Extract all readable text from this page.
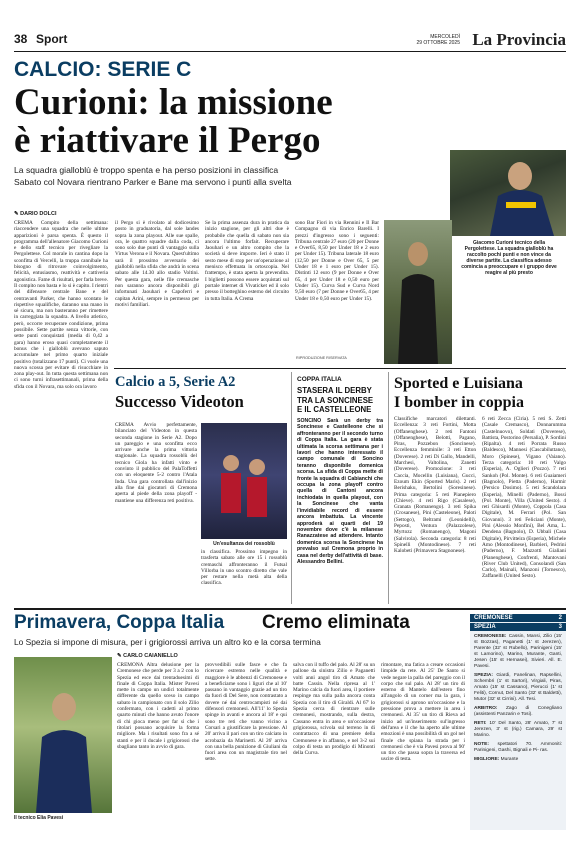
38 Sport	MERCOLEDÌ
29 OTTOBRE 2025 La Provincia
CALCIO: SERIE C
Curioni: la missione
è riattivare il Pergo
La squadra gialloblù è troppo spenta e ha perso posizioni in classifica
Sabato col Novara rientrano Parker e Bane ma servono i punti alla svelta
Giacomo Curioni tecnico della Pergolettese. La squadra gialloblù ha raccolto pochi punti e non vince da diverse partite. La classifica adesso comincia a preoccupare e i gruppo deve reagire al più presto
✎ DARIO DOLCI
CREMA Compito della settimana: riaccendere una squadra che nelle ultime apparizioni è parsa spenta. È questo il programma dell'allenatore Giacomo Curioni e dello staff tecnico per rivegliare la Pergolettese. Col morale in cantina dopo la sconfitta di Vercelli, la truppa cannibale ha bisogno di ritrovare coinvolgimento, felicità, entusiasmo, reattività e cattiveria agonistica. Fame di risultati, per farla breve. Il compito non basta e lo si è capito. I rientri del difensore centrale Bane e del centravanti Parker, che hanno scontato le rispettive squalifiche, daranno una mano in sé sicura, ma non basteranno per rimettere in carreggiata la squadra. A livello atletico, però, occorre recuperare condizione, prima possibile. Sette partite senza vittorie, con sette punti conquistati (media di 0,42 a gara) hanno eroso quasi completamente il bonus che i gialloblù avevano saputo accumulare nel primo quarto iniziale positivo (totalizzano 17 punti). Ci vuole una nuova scossa per evitare di risucchiare in zona play-out. In tutta questa settimana non ci sono turni infrasettimanali, prima della sfida con il Novara, ma solo ora lavoro
il Pergo si è rivolato al dodicesimo posto in graduatoria, dal sole landes sopra la zona playout. Alle sue spalle, ora, le quattro squadre dalla coda, ci sono solo due punti di vantaggio sulla Virtus Verona e il Novara. Quest'ultimo sarà il prossimo avversario dei gialloblù nella sfida che andrà in scena sabato alle 14.30 allo stadio Voltini. Per questa gara, nelle file cremasche non saranno ancora disponibili gli infortunati Jaouhari e Capoferri e capitan Arini, sempre in permesso per motivi familiari.
Se la prima assenza dura in pratica da inizio stagione, per gli altri due è probabile che quella di sabato non sia ancora l'ultimo forfait. Recuperare Jaouhari e un altro compito che la società si deve imporre. Ieri è stato il sesto mese di stop per un'operazione al menisco effettuata in ortoscopia. Nel frattempo, è stata aperta la prevendita. I biglietti possono essere acquistati sul portale internet di Vivaticket ed il solo presso il botteghino esterno del circuito in tutta Italia. A Crema
sono Bar Fiori in via Rennini e Il Bar Compagno di via Enrico Barelli. I prezzi d'ingresso sono i seguenti: Tribuna centrale 27 euro (20 per Donne e Over65, 8,50 per Under 18 e 2 euro per Under 15). Tribuna laterale 18 euro (12,50 per Donne e Over 65, 5 per Under 18 e 1 euro per Under 15). Distinti 12 euro (9 per Donne e Over 65, 4 per Under 18 e 0,50 euro per Under 15). Curva Sud e Curva Nord 9,50 euro (7 per Donne e Over65, 4 per Under 18 e 0,50 euro per Under 15).
RIPRODUZIONE RISERVATA
Calcio a 5, Serie A2
Successo Videoton
CREMA Avvio perfettamente, bilanciato del Videoton in questa seconda stagione in Serie A2. Dopo un pareggio e una sconfitta ecco arrivare anche la prima vittoria stagionale. La squadra rossoblù del tecnico Giola ha infatti vinto e convinto il pubblico del PalaToffetti con un eloquente 5-2 contro l'Atala Inda. Una gara controllata dall'inizio alla fine dai giocatori di Cremona aperta al piede della zona playoff - mantiene una differenza reti positiva.
Un'esultanza dei rossoblù
in classifica. Prossimo impegno in trasferta sabato alle ore 15 i rossoblù cremaschi affronteranno il Futsal Villorba in uno scontro diretto che vale per restare nella metà alta della classifica.
COPPA ITALIA
STASERA IL DERBY
TRA LA SONCINESE
E IL CASTELLEONE
SONCINO Sarà un derby tra Soncinese e Castelleone che si affronteranno per il secondo turno di Coppa Italia. La gara è stata ultimata la scorsa settimana per i lavori che hanno interessato il campo comunale di Soncino teranno disponibile domenica scorsa. La sfida di Coppa mette di fronte la squadra di Cabianchi che occupa la zona playoff contro quella di Cantoni ancora inchiodata in quella playout, con la Soncinese che vanta l'invidiabile record di essere ancora imbattuta. La vincente approderà ai quarti del 19 novembre dove c'è la milanese Ranazzatese ad attendere. Intanto domenica scorsa la Soncinese ha prevalso sul Cremona proprio in casa nel derby dell'attività di base. Alessandro Bellini.
Sported e Luisiana
I bomber in coppia
Classifiche marcatori dilettanti. Eccellenza: 3 reti Fortini, Motta (Offanenghese). 2 reti Fantoni (Offanenghese), Belotti, Pagano, Piras, Pozzebon (Soncinese). Eccellenza femminile: 3 reti Etton (Doverese). 2 reti Di Gallo, Mandelli, Marchesi, Valtolina, Zanetti (Doverese). Promozione: 3 reti Caccia, Mocellin (Luisiana), Gucci, Ezoum Ekin (Sported Maris). 2 reti Berishaku, Bertolini (Soresinese). Prima categoria: 5 reti Pianepiero (Chieve). 4 reti Rigo (Casalese), Granata (Romanengo). 3 reti Spika (Crosanese), Pini (Casteleone), Paloti (Settogo), Beltrami (Leonidelli), Peposti, Ventura (Palazzolese), Myrtozz (Romanengo), Magoni (Salvirola). Seconda categoria: 8 reti Spinelli (Montodinese). 7 reti Kalobeti (Primavera Stagnonese).
6 reti Zecca (Ciria). 5 reti S. Zetti (Casale Cremasco), Donnarumma (Castelnuovo), Soldati (Doverese), Battista, Postorino (Persalia), P. Sordini (Ripalta). 4 reti Porrata Russo (Baldesco), Mannesi (Cascabiluttano), Moro (Spinese), Vigano (Vaiano). Terza categoria: 10 reti Valgo (Esperia), A. Oglieri (Pozzo). 7 reti Sankoh (Pol. Monte). 6 reti Guaiameri (Bagnolo), Pietta (Paderno), Harmir (Persico Dosimo). 5 reti Scandolara (Esperia), Minelli (Paderno), Bossi (Pol. Monte), Villa (United Sesto). 4 reti Ghisardi (Monte), Coppola (Casa Digitale), M. Ferrari (Pol. San Giovanni). 3 reti Feliciani (Monte), Pini (Alessio Monfini), Bel Ama, L. Dendena (Bagnolo), D. Ubbali (Casa Digitale), Pirvitteira (Esperia), Michele Amo (Montodinese), Barbieri, Pedrini (Paderno), F. Mazzotti Gialiani (Pianenghese), Confrenti, Mantovani (River Club United), Consolandi (San Carlo), Mainali, Manzoni (Tornesco), Zaffanelli (United Sesto).
Primavera, Coppa Italia Cremo eliminata
Lo Spezia si impone di misura, per i grigiorossi arriva un altro ko e la corsa termina
✎ CARLO CAIANIELLO
Il tecnico Elia Pavesi
CREMONA Altra delusione per la Cremonese che perde per 3 a 2 con lo Spezia ed esce dai trentaduesimi di finale di Coppa Italia. Mister Pavesi mette in campo un undici totalmente differente da quello sceso in campo sabato in campionato con il solo Zilio confermato, con i cadetti al primo quarto minuti che hanno avuto l'onore di chi gioca meno per far sì che i titolari possano acquisire la forma migliore. Ma i risultati sono fra a sé stanti e per il ducale i grigiorossi che sbagliano tanto in avvio di gara.
provvedibili sulle fasce e che fa ricercare estremo nelle qualità e maggiore è le abbenzi di Cremonese e a beneficiarne sono i liguri che al 10' passano in vantaggio grazie ad un tiro da fuori di Del Sere, non contrastato a dovere né dai centrocampisti né dai difensori cremonesi. All'11' lo Spezia spinge in avanti e ancora al 18' e qui sono tre reti che vanno vicino a Corsari a giustificare la pressione. Al 20' arriva il pari con un tiro calciato in acrobazia da Marinetti. Al 26' arriva con una bella punizione di Giuliani da fuori area con un magistrale tiro nel sette.
salva con il tuffo del palo. Al 28' su un pallone da sinistra Zilio e Paganetti volti anni angol tiro di Amato che batte Cassin. Nella ripresa al 1' Marino calcia da fuori area, il portiere respinge ma sulla palla ancora conta Spezia con il tiro di Giraldi. Al 67' lo Spezia cerca di rientrare sulle cremonesi, mostrando, sulla destra, Cassano entra in area e un'occasione grigiorossa, scivola sul terreno in di contrattacco di una premiere della Cremonese e in affanno, e nel 3-2 sui colpo di testa un prodigio di Minonti della Curva.
rimontare, ma fatica a creare occasioni limpide da rete. Al 25' De Santo si vede negare la palla del pareggio con il corpo che sul palo. Al 28' un tiro di esterno di Mantelo dall'estero fino all'angolo di un corner ma la gara, i grigiorossi si aprono un'occasione e la pressione prova a mettere in area i cremonesi. Al 35' un tiro di Rieva ad inizio ad un'inserimento sul'ingresso dell'area e il che ha aperto alle ultime emozioni è una possibilità di un gol nel finale che spiana la strada per i cremonesi che è via Pavesi prova al 90' un tiro che passa sopra la traversa ed uscire di testa.
CREMONESE	2
SPEZIA	3

CREMONESE: Cassin, Mansi, Zilio (15' st Bozzas), Paganetti (1' st Jerezen), Parente (32' st Rubello), Parinigeni (15' st Lamorino), Marino, Murante, Ganti, Jesen (15' st Hernasei), Sivieri. All. E. Pavesi.

SPEZIA: Giardi, Fanelinan, Rapsellini, Schembri (1' st Sartori), Virgiali, Piras, Amato (15' st Cassano), Pierucci (1' st Feliti), Cornut, Del Santo (32' st Baldetti), Mutor (32' st Cirrini). All. Tesi.

ARBITRO: Zago di Conegliano (assistenti Panzarin e Tosi).

RETI: 10' Del Santo, 28' Amato, 7' st Jerezen, 3' st (rig.) Camara, 29' st Marino.

NOTE: spettatori 70. Ammoniti: Parinigeni, Gashi, Bignali e Pi- ras.

MIGLIORE: Murante
